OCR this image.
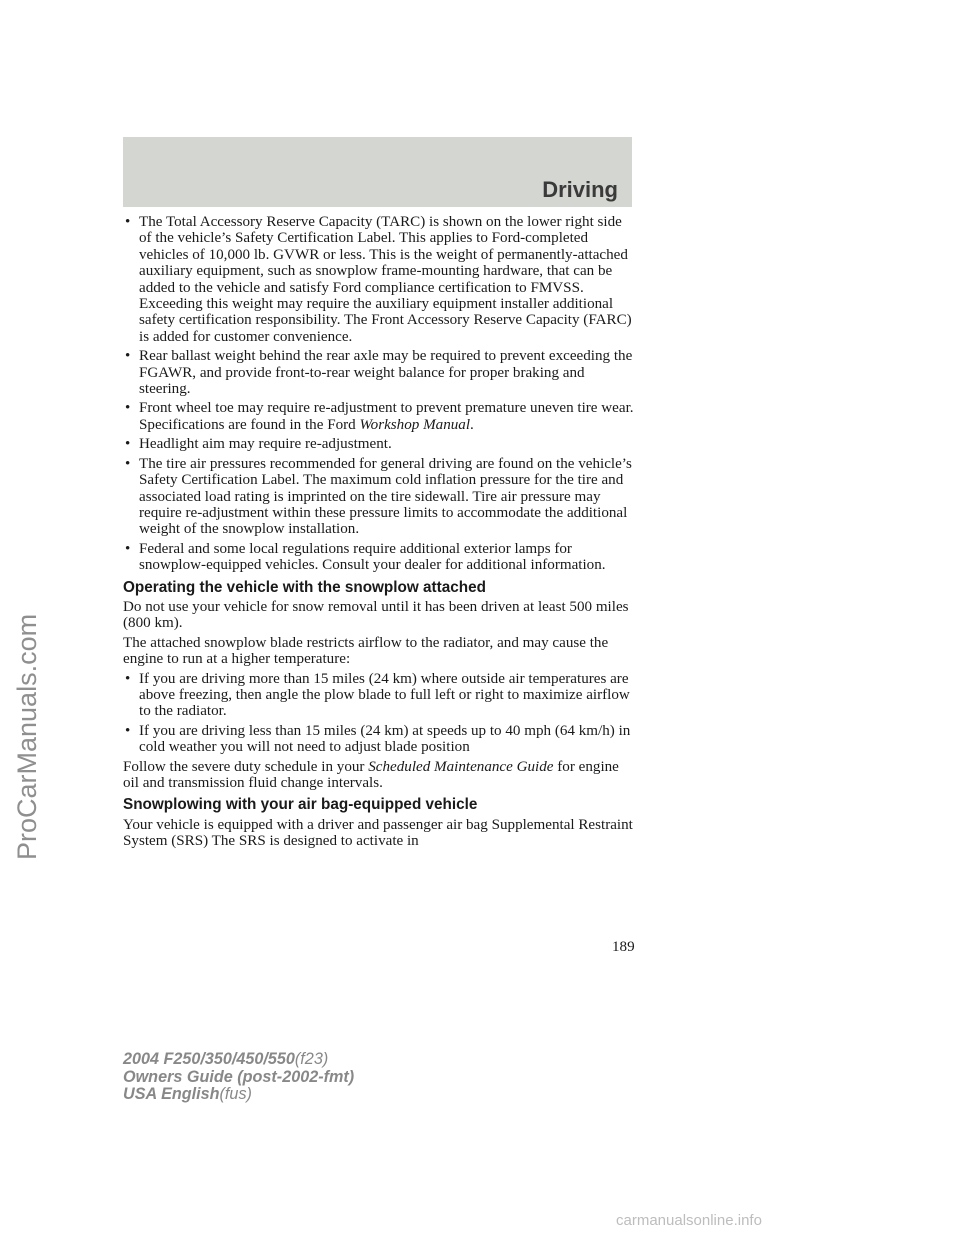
Driving
ProCarManuals.com
• The Total Accessory Reserve Capacity (TARC) is shown on the lower right side of the vehicle’s Safety Certification Label. This applies to Ford-completed vehicles of 10,000 lb. GVWR or less. This is the weight of permanently-attached auxiliary equipment, such as snowplow frame-mounting hardware, that can be added to the vehicle and satisfy Ford compliance certification to FMVSS. Exceeding this weight may require the auxiliary equipment installer additional safety certification responsibility. The Front Accessory Reserve Capacity (FARC) is added for customer convenience.
• Rear ballast weight behind the rear axle may be required to prevent exceeding the FGAWR, and provide front-to-rear weight balance for proper braking and steering.
• Front wheel toe may require re-adjustment to prevent premature uneven tire wear. Specifications are found in the Ford Workshop Manual.
• Headlight aim may require re-adjustment.
• The tire air pressures recommended for general driving are found on the vehicle’s Safety Certification Label. The maximum cold inflation pressure for the tire and associated load rating is imprinted on the tire sidewall. Tire air pressure may require re-adjustment within these pressure limits to accommodate the additional weight of the snowplow installation.
• Federal and some local regulations require additional exterior lamps for snowplow-equipped vehicles. Consult your dealer for additional information.
Operating the vehicle with the snowplow attached

Do not use your vehicle for snow removal until it has been driven at least 500 miles (800 km).

The attached snowplow blade restricts airflow to the radiator, and may cause the engine to run at a higher temperature:

• If you are driving more than 15 miles (24 km) where outside air temperatures are above freezing, then angle the plow blade to full left or right to maximize airflow to the radiator.
• If you are driving less than 15 miles (24 km) at speeds up to 40 mph (64 km/h) in cold weather you will not need to adjust blade position

Follow the severe duty schedule in your Scheduled Maintenance Guide for engine oil and transmission fluid change intervals.

Snowplowing with your air bag-equipped vehicle

Your vehicle is equipped with a driver and passenger air bag Supplemental Restraint System (SRS) The SRS is designed to activate in

189
2004 F250/350/450/550(f23)
Owners Guide (post-2002-fmt)
USA English(fus)
carmanualsonline.info
